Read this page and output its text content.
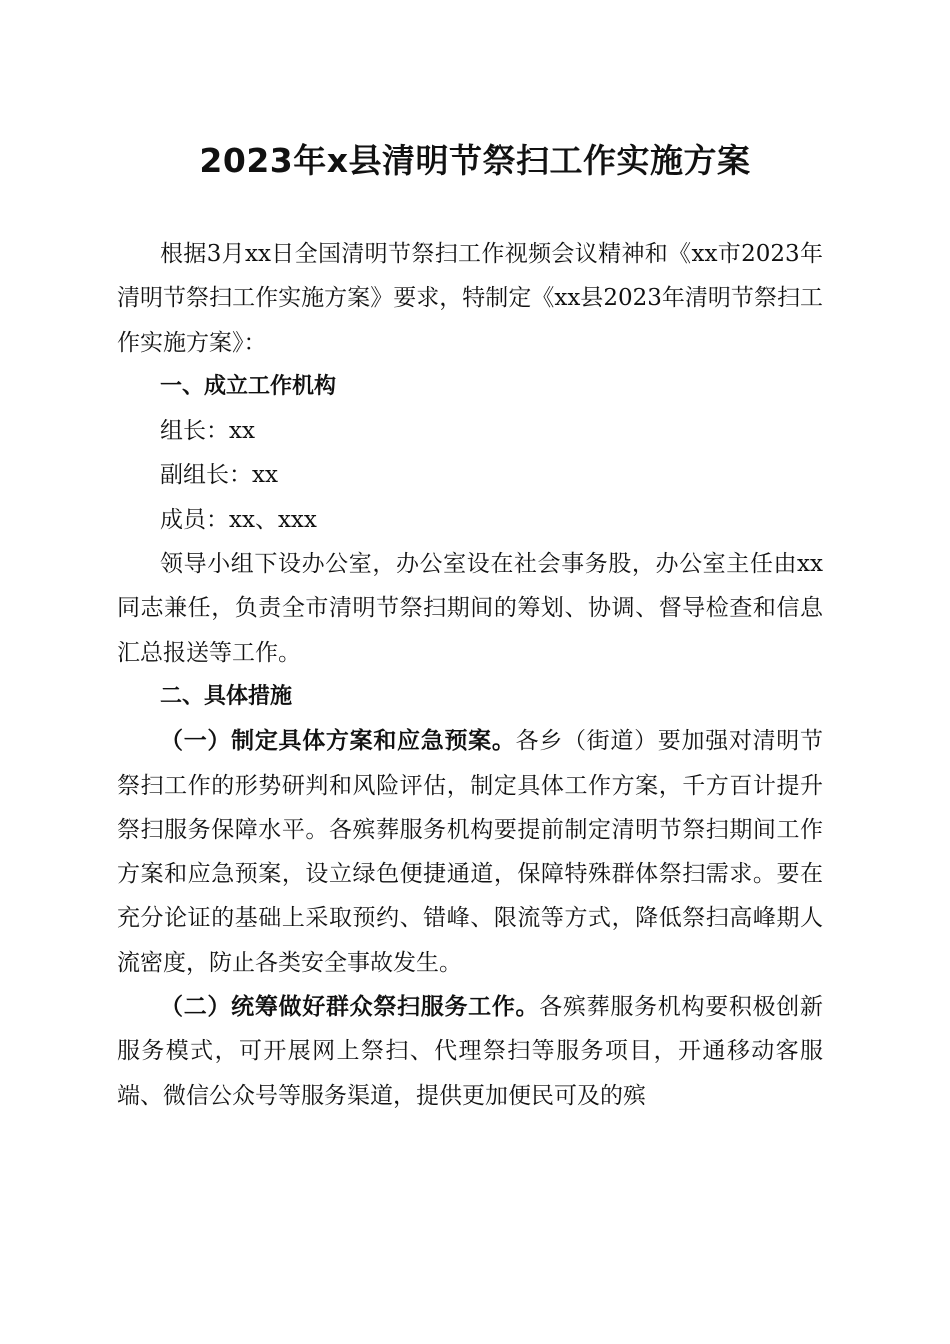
2023年x县清明节祭扫工作实施方案

根据3月xx日全国清明节祭扫工作视频会议精神和《xx市2023年清明节祭扫工作实施方案》要求，特制定《xx县2023年清明节祭扫工作实施方案》：

一、成立工作机构

组长：xx

副组长：xx

成员：xx、xxx

领导小组下设办公室，办公室设在社会事务股，办公室主任由xx同志兼任，负责全市清明节祭扫期间的筹划、协调、督导检查和信息汇总报送等工作。

二、具体措施

（一）制定具体方案和应急预案。各乡（街道）要加强对清明节祭扫工作的形势研判和风险评估，制定具体工作方案，千方百计提升祭扫服务保障水平。各殡葬服务机构要提前制定清明节祭扫期间工作方案和应急预案，设立绿色便捷通道，保障特殊群体祭扫需求。要在充分论证的基础上采取预约、错峰、限流等方式，降低祭扫高峰期人流密度，防止各类安全事故发生。

（二）统筹做好群众祭扫服务工作。各殡葬服务机构要积极创新服务模式，可开展网上祭扫、代理祭扫等服务项目，开通移动客服端、微信公众号等服务渠道，提供更加便民可及的殡
